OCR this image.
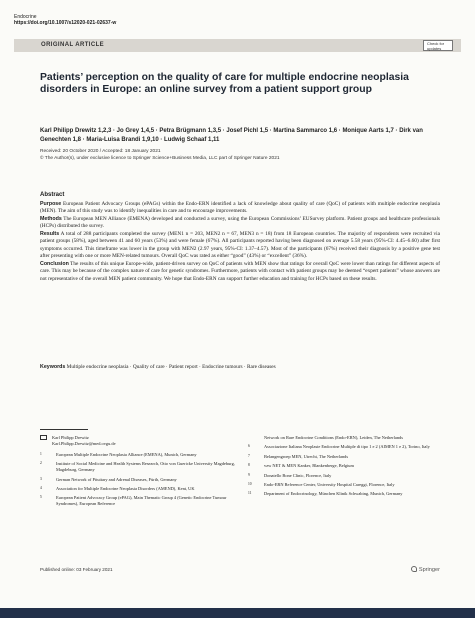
Endocrine
https://doi.org/10.1007/s12020-021-02637-w
ORIGINAL ARTICLE	Check for
updates
Patients’ perception on the quality of care for multiple endocrine neoplasia disorders in Europe: an online survey from a patient support group
Karl Philipp Drewitz 1,2,3 · Jo Grey 1,4,5 · Petra Brügmann 1,3,5 · Josef Pichl 1,5 · Martina Sammarco 1,6 · Monique Aarts 1,7 · Dirk van Genechten 1,8 · Maria-Luisa Brandi 1,9,10 · Ludwig Schaaf 1,11
Received: 20 October 2020 / Accepted: 18 January 2021
© The Author(s), under exclusive licence to Springer Science+Business Media, LLC part of Springer Nature 2021
Abstract

Purpose European Patient Advocacy Groups (ePAGs) within the Endo-ERN identified a lack of knowledge about quality of care (QoC) of patients with multiple endocrine neoplasia (MEN). The aim of this study was to identify inequalities in care and to encourage improvements.

Methods The European MEN Alliance (EMENA) developed and conducted a survey, using the European Commissions’ EUSurvey platform. Patient groups and healthcare professionals (HCPs) distributed the survey.

Results A total of 288 participants completed the survey (MEN1 n = 203, MEN2 n = 67, MEN3 n = 18) from 18 European countries. The majority of respondents were recruited via patient groups (58%), aged between 41 and 60 years (53%) and were female (67%). All participants reported having been diagnosed on average 5.58 years (95%-CI: 4.45–6.60) after first symptoms occurred. This timeframe was lower in the group with MEN2 (2.97 years, 95%-CI: 1.37–4.57). Most of the participants (67%) received their diagnosis by a positive gene test after presenting with one or more MEN-related tumours. Overall QoC was rated as either “good” (43%) or “excellent” (36%).

Conclusion The results of this unique Europe-wide, patient-driven survey on QoC of patients with MEN show that ratings for overall QoC were lower than ratings for different aspects of care. This may be because of the complex nature of care for genetic syndromes. Furthermore, patients with contact with patient groups may be deemed “expert patients” whose answers are not representative of the overall MEN patient community. We hope that Endo-ERN can support further education and training for HCPs based on these results.

Keywords Multiple endocrine neoplasia · Quality of care · Patient report · Endocrine tumours · Rare diseases
Karl Philipp Drewitz
Karl.Philipp.Drewitz@med.ovgu.de
1	European Multiple Endocrine Neoplasia Alliance (EMENA), Munich, Germany
2	Institute of Social Medicine and Health Systems Research, Otto von Guericke University Magdeburg, Magdeburg, Germany
3	German Network of Pituitary and Adrenal Diseases, Fürth, Germany
4	Association for Multiple Endocrine Neoplasia Disorders (AMEND), Kent, UK
5	European Patient Advocacy Group (ePAG), Main Thematic Group 4 (Genetic Endocrine Tumour Syndromes), European Reference
Network on Rare Endocrine Conditions (Endo-ERN), Leiden, The Netherlands
6	Associazione Italiana Neoplasie Endocrine Multiple di tipo 1 e 2 (AIMEN 1 e 2), Torino, Italy
7	Belangengroep MEN, Utrecht, The Netherlands
8	vzw NET & MEN Kanker, Blankenberge, Belgium
9	Donatello Bone Clinic, Florence, Italy
10	Endo-ERN Reference Center, University Hospital Careggi, Florence, Italy
11	Department of Endocrinology, München Klinik Schwabing, Munich, Germany
Published online: 03 February 2021	Springer
